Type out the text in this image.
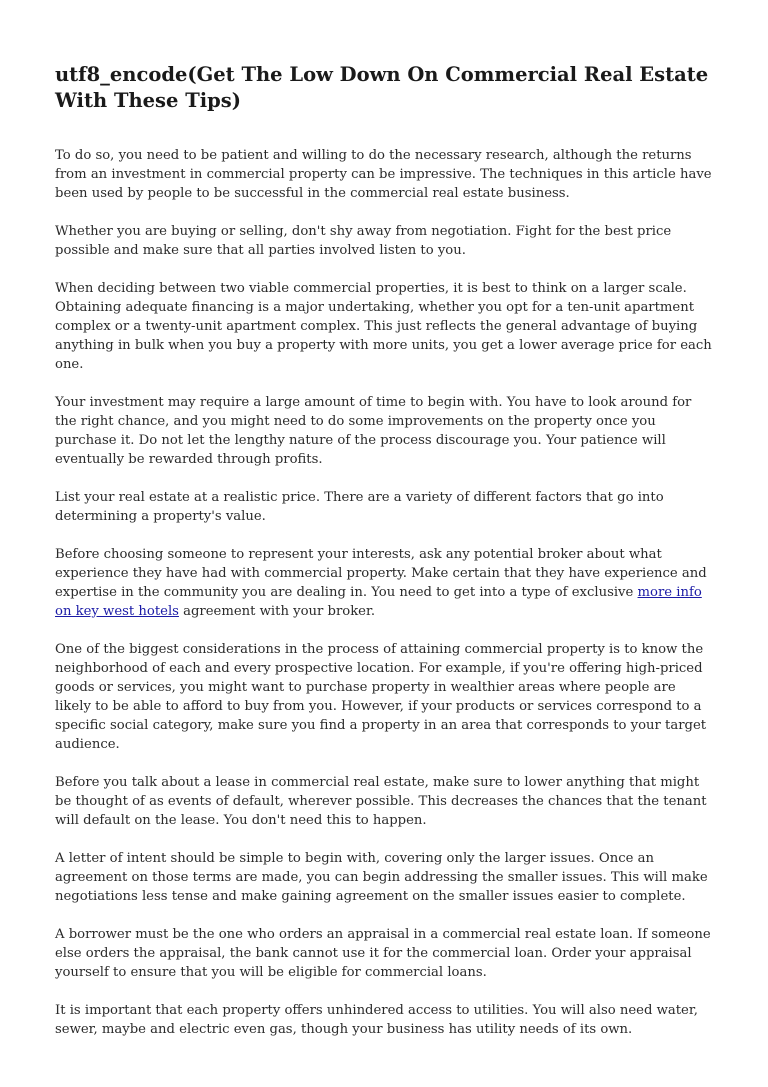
utf8_encode(Get The Low Down On Commercial Real Estate With These Tips)

To do so, you need to be patient and willing to do the necessary research, although the returns from an investment in commercial property can be impressive. The techniques in this article have been used by people to be successful in the commercial real estate business.

Whether you are buying or selling, don't shy away from negotiation. Fight for the best price possible and make sure that all parties involved listen to you.

When deciding between two viable commercial properties, it is best to think on a larger scale. Obtaining adequate financing is a major undertaking, whether you opt for a ten-unit apartment complex or a twenty-unit apartment complex. This just reflects the general advantage of buying anything in bulk when you buy a property with more units, you get a lower average price for each one.

Your investment may require a large amount of time to begin with. You have to look around for the right chance, and you might need to do some improvements on the property once you purchase it. Do not let the lengthy nature of the process discourage you. Your patience will eventually be rewarded through profits.

List your real estate at a realistic price. There are a variety of different factors that go into determining a property's value.

Before choosing someone to represent your interests, ask any potential broker about what experience they have had with commercial property. Make certain that they have experience and expertise in the community you are dealing in. You need to get into a type of exclusive more info on key west hotels agreement with your broker.

One of the biggest considerations in the process of attaining commercial property is to know the neighborhood of each and every prospective location. For example, if you're offering high-priced goods or services, you might want to purchase property in wealthier areas where people are likely to be able to afford to buy from you. However, if your products or services correspond to a specific social category, make sure you find a property in an area that corresponds to your target audience.

Before you talk about a lease in commercial real estate, make sure to lower anything that might be thought of as events of default, wherever possible. This decreases the chances that the tenant will default on the lease. You don't need this to happen.

A letter of intent should be simple to begin with, covering only the larger issues. Once an agreement on those terms are made, you can begin addressing the smaller issues. This will make negotiations less tense and make gaining agreement on the smaller issues easier to complete.

A borrower must be the one who orders an appraisal in a commercial real estate loan. If someone else orders the appraisal, the bank cannot use it for the commercial loan. Order your appraisal yourself to ensure that you will be eligible for commercial loans.

It is important that each property offers unhindered access to utilities. You will also need water, sewer, maybe and electric even gas, though your business has utility needs of its own.
